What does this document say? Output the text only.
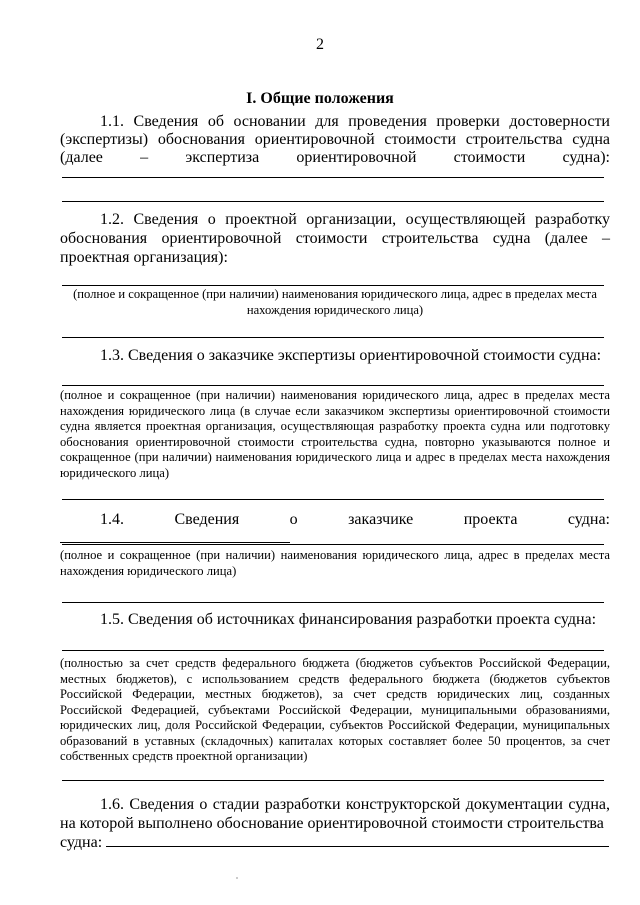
2
I. Общие положения
1.1. Сведения об основании для проведения проверки достоверности
(экспертизы) обоснования ориентировочной стоимости строительства судна
(далее – экспертиза ориентировочной стоимости судна):
1.2. Сведения о проектной организации, осуществляющей разработку обоснования ориентировочной стоимости строительства судна (далее – проектная организация):
(полное и сокращенное (при наличии) наименования юридического лица, адрес в пределах места нахождения юридического лица)
1.3. Сведения о заказчике экспертизы ориентировочной стоимости судна:
(полное и сокращенное (при наличии) наименования юридического лица, адрес в пределах места нахождения юридического лица (в случае если заказчиком экспертизы ориентировочной стоимости судна является проектная организация, осуществляющая разработку проекта судна или подготовку обоснования ориентировочной стоимости строительства судна, повторно указываются полное и сокращенное (при наличии) наименования юридического лица и адрес в пределах места нахождения юридического лица)
1.4. Сведения о заказчике проекта судна:
(полное и сокращенное (при наличии) наименования юридического лица, адрес в пределах места нахождения юридического лица)
1.5. Сведения об источниках финансирования разработки проекта судна:
(полностью за счет средств федерального бюджета (бюджетов субъектов Российской Федерации, местных бюджетов), с использованием средств федерального бюджета (бюджетов субъектов Российской Федерации, местных бюджетов), за счет средств юридических лиц, созданных Российской Федерацией, субъектами Российской Федерации, муниципальными образованиями, юридических лиц, доля Российской Федерации, субъектов Российской Федерации, муниципальных образований в уставных (складочных) капиталах которых составляет более 50 процентов, за счет собственных средств проектной организации)
1.6. Сведения о стадии разработки конструкторской документации судна, на которой выполнено обоснование ориентировочной стоимости строительства
судна:
